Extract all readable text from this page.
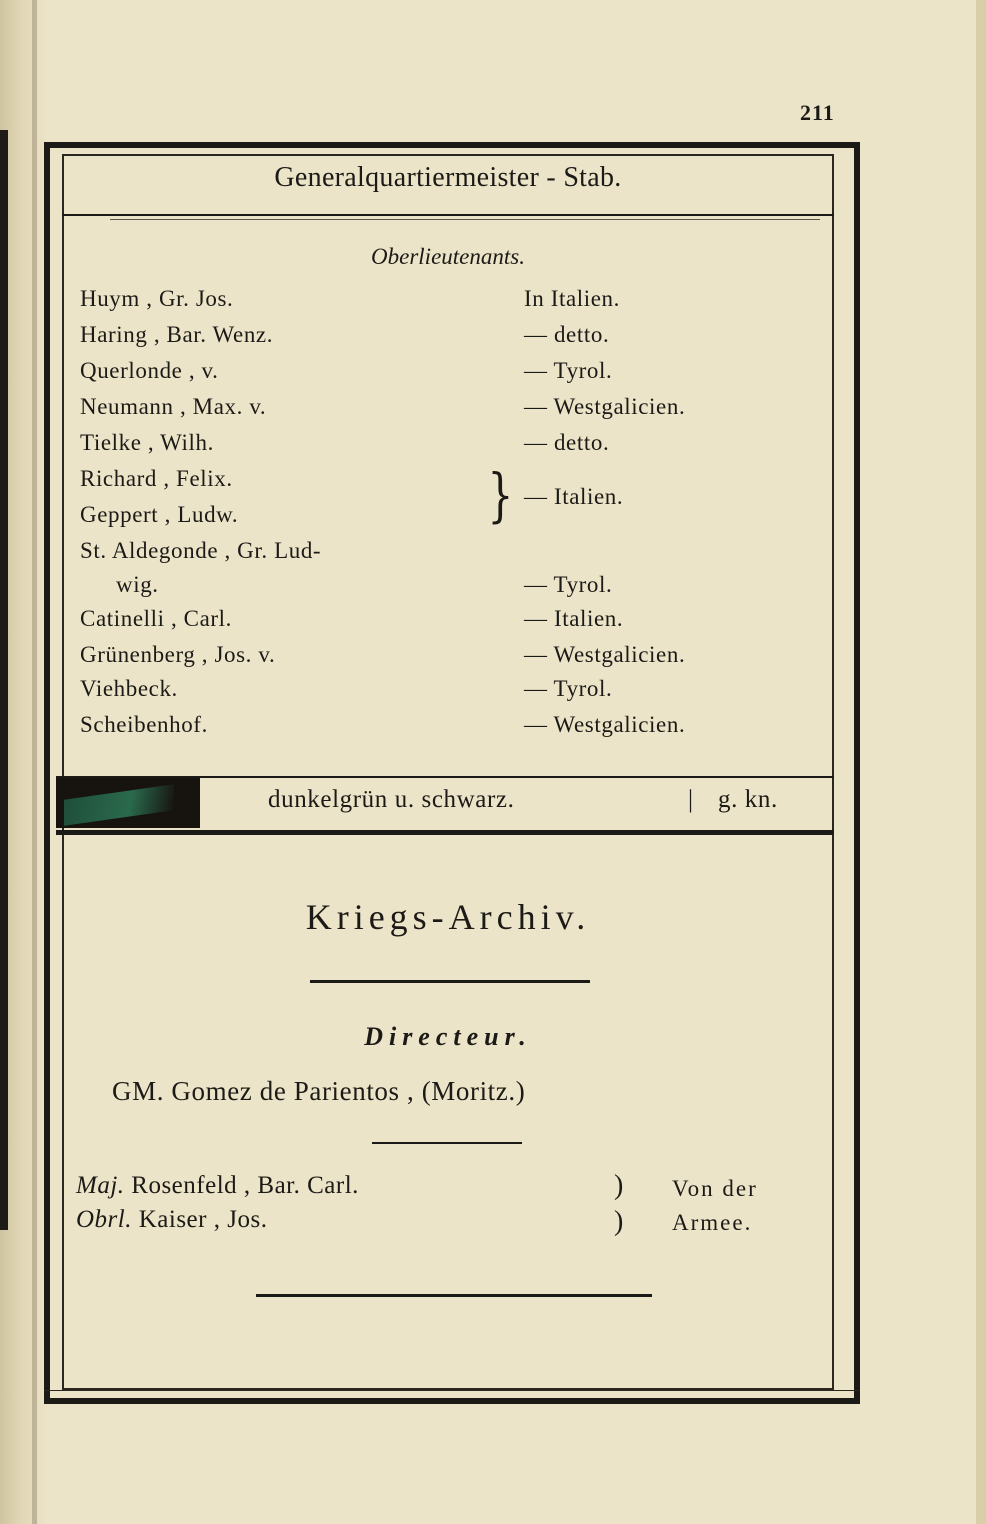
211
Generalquartiermeister - Stab.
Oberlieutenants.
Huym , Gr. Jos.	In Italien.
Haring , Bar. Wenz.	— detto.
Querlonde , v.	— Tyrol.
Neumann , Max. v.	— Westgalicien.
Tielke , Wilh.	— detto.
Richard , Felix.
Geppert , Ludw.	} — Italien.
St. Aldegonde , Gr. Lud-
wig.	— Tyrol.
Catinelli , Carl.	— Italien.
Grünenberg , Jos. v.	— Westgalicien.
Viehbeck.	— Tyrol.
Scheibenhof.	— Westgalicien.
dunkelgrün u. schwarz.	| g. kn.
Kriegs-Archiv.
Directeur.
GM. Gomez de Parientos , (Moritz.)
Maj. Rosenfeld , Bar. Carl.
Obrl. Kaiser , Jos.
)
)
Von der
Armee.
